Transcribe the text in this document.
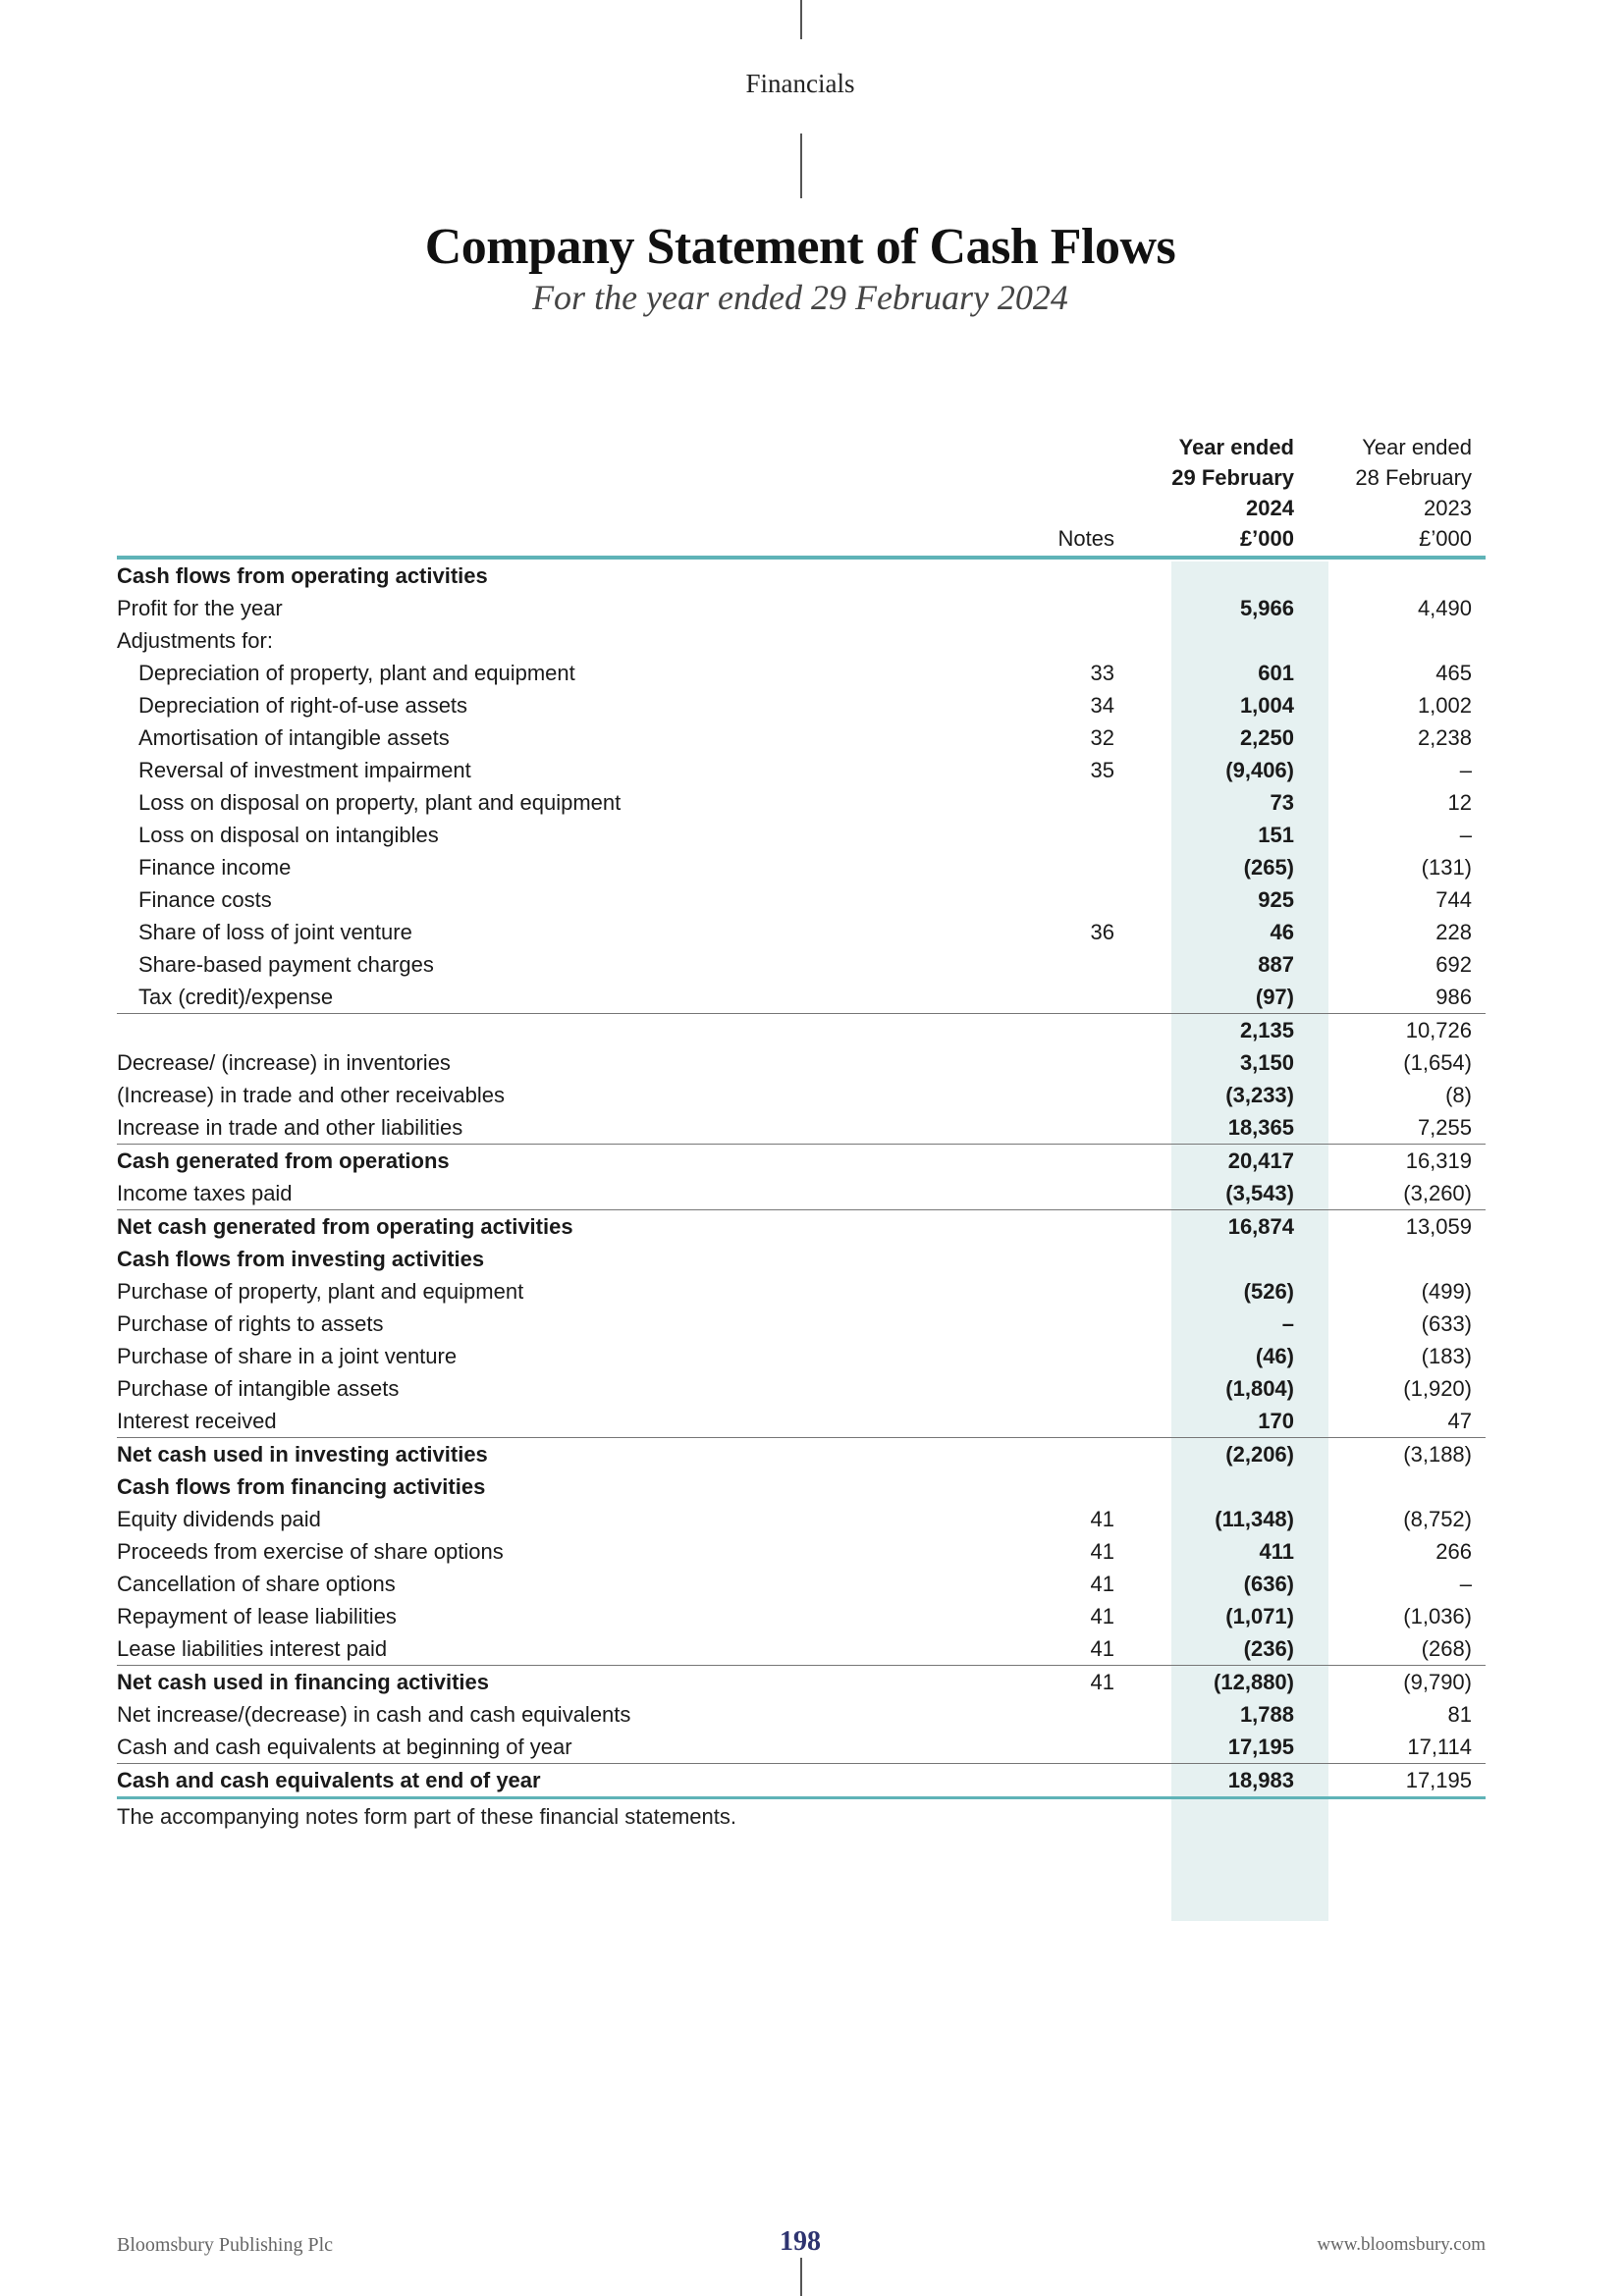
Financials
Company Statement of Cash Flows
For the year ended 29 February 2024
		Year ended	Year ended
		29 February	28 February
		2024	2023
	Notes	£’000	£’000
Cash flows from operating activities			
Profit for the year		5,966	4,490
Adjustments for:			
Depreciation of property, plant and equipment	33	601	465
Depreciation of right-of-use assets	34	1,004	1,002
Amortisation of intangible assets	32	2,250	2,238
Reversal of investment impairment	35	(9,406)	–
Loss on disposal on property, plant and equipment		73	12
Loss on disposal on intangibles		151	–
Finance income		(265)	(131)
Finance costs		925	744
Share of loss of joint venture	36	46	228
Share-based payment charges		887	692
Tax (credit)/expense		(97)	986
		2,135	10,726
Decrease/ (increase) in inventories		3,150	(1,654)
(Increase) in trade and other receivables		(3,233)	(8)
Increase in trade and other liabilities		18,365	7,255
Cash generated from operations		20,417	16,319
Income taxes paid		(3,543)	(3,260)
Net cash generated from operating activities		16,874	13,059
Cash flows from investing activities			
Purchase of property, plant and equipment		(526)	(499)
Purchase of rights to assets		–	(633)
Purchase of share in a joint venture		(46)	(183)
Purchase of intangible assets		(1,804)	(1,920)
Interest received		170	47
Net cash used in investing activities		(2,206)	(3,188)
Cash flows from financing activities			
Equity dividends paid	41	(11,348)	(8,752)
Proceeds from exercise of share options	41	411	266
Cancellation of share options	41	(636)	–
Repayment of lease liabilities	41	(1,071)	(1,036)
Lease liabilities interest paid	41	(236)	(268)
Net cash used in financing activities	41	(12,880)	(9,790)
Net increase/(decrease) in cash and cash equivalents		1,788	81
Cash and cash equivalents at beginning of year		17,195	17,114
Cash and cash equivalents at end of year		18,983	17,195
The accompanying notes form part of these financial statements.
Bloomsbury Publishing Plc	198	www.bloomsbury.com
